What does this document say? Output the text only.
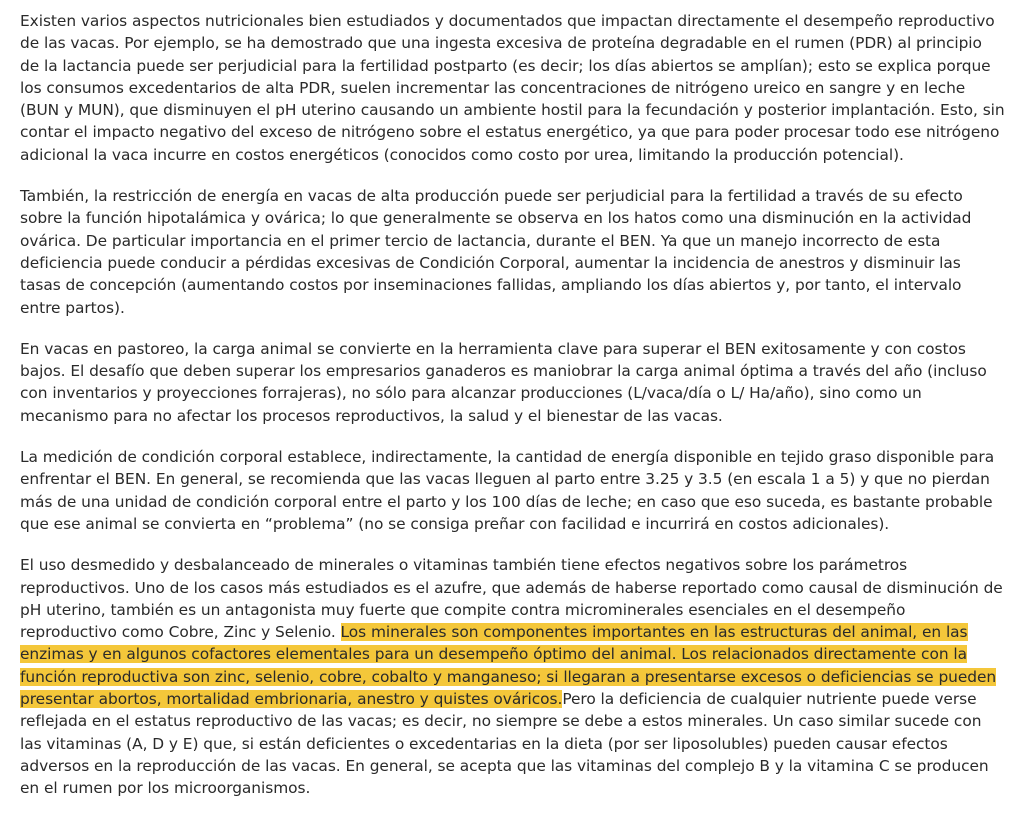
Existen varios aspectos nutricionales bien estudiados y documentados que impactan directamente el desempeño reproductivo de las vacas. Por ejemplo, se ha demostrado que una ingesta excesiva de proteína degradable en el rumen (PDR) al principio de la lactancia puede ser perjudicial para la fertilidad postparto (es decir; los días abiertos se amplían); esto se explica porque los consumos excedentarios de alta PDR, suelen incrementar las concentraciones de nitrógeno ureico en sangre y en leche (BUN y MUN), que disminuyen el pH uterino causando un ambiente hostil para la fecundación y posterior implantación. Esto, sin contar el impacto negativo del exceso de nitrógeno sobre el estatus energético, ya que para poder procesar todo ese nitrógeno adicional la vaca incurre en costos energéticos (conocidos como costo por urea, limitando la producción potencial).

También, la restricción de energía en vacas de alta producción puede ser perjudicial para la fertilidad a través de su efecto sobre la función hipotalámica y ovárica; lo que generalmente se observa en los hatos como una disminución en la actividad ovárica. De particular importancia en el primer tercio de lactancia, durante el BEN. Ya que un manejo incorrecto de esta deficiencia puede conducir a pérdidas excesivas de Condición Corporal, aumentar la incidencia de anestros y disminuir las tasas de concepción (aumentando costos por inseminaciones fallidas, ampliando los días abiertos y, por tanto, el intervalo entre partos).

En vacas en pastoreo, la carga animal se convierte en la herramienta clave para superar el BEN exitosamente y con costos bajos. El desafío que deben superar los empresarios ganaderos es maniobrar la carga animal óptima a través del año (incluso con inventarios y proyecciones forrajeras), no sólo para alcanzar producciones (L/vaca/día o L/ Ha/año), sino como un mecanismo para no afectar los procesos reproductivos, la salud y el bienestar de las vacas.

La medición de condición corporal establece, indirectamente, la cantidad de energía disponible en tejido graso disponible para enfrentar el BEN. En general, se recomienda que las vacas lleguen al parto entre 3.25 y 3.5 (en escala 1 a 5) y que no pierdan más de una unidad de condición corporal entre el parto y los 100 días de leche; en caso que eso suceda, es bastante probable que ese animal se convierta en “problema” (no se consiga preñar con facilidad e incurrirá en costos adicionales).

El uso desmedido y desbalanceado de minerales o vitaminas también tiene efectos negativos sobre los parámetros reproductivos. Uno de los casos más estudiados es el azufre, que además de haberse reportado como causal de disminución de pH uterino, también es un antagonista muy fuerte que compite contra microminerales esenciales en el desempeño reproductivo como Cobre, Zinc y Selenio. Los minerales son componentes importantes en las estructuras del animal, en las enzimas y en algunos cofactores elementales para un desempeño óptimo del animal. Los relacionados directamente con la función reproductiva son zinc, selenio, cobre, cobalto y manganeso; si llegaran a presentarse excesos o deficiencias se pueden presentar abortos, mortalidad embrionaria, anestro y quistes ováricos.Pero la deficiencia de cualquier nutriente puede verse reflejada en el estatus reproductivo de las vacas; es decir, no siempre se debe a estos minerales. Un caso similar sucede con las vitaminas (A, D y E) que, si están deficientes o excedentarias en la dieta (por ser liposolubles) pueden causar efectos adversos en la reproducción de las vacas. En general, se acepta que las vitaminas del complejo B y la vitamina C se producen en el rumen por los microorganismos.
